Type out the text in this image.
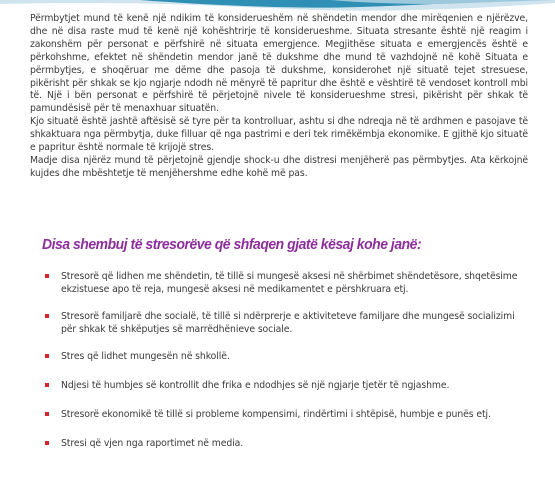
Përmbytjet mund të kenë një ndikim të konsiderueshëm në shëndetin mendor dhe mirëqenien e njërëzve, dhe në disa raste mud të kenë një kohështrirje të konsiderueshme. Situata stresante është një reagim i zakonshëm për personat e përfshirë në situata emergjence. Megjithëse situata e emergjencës është e përkohshme, efektet në shëndetin mendor janë të dukshme dhe mund të vazhdojnë në kohë Situata e përmbytjes, e shoqëruar me dëme dhe pasoja të dukshme, konsiderohet një situatë tejet stresuese, pikërisht për shkak se kjo ngjarje ndodh në mënyrë të papritur dhe është e vështirë të vendoset kontroll mbi të. Një i bën personat e përfshirë të përjetojnë nivele të konsiderueshme stresi, pikërisht për shkak të pamundësisë për të menaxhuar situatën.

Kjo situatë është jashtë aftësisë së tyre për ta kontrolluar, ashtu si dhe ndreqja në të ardhmen e pasojave të shkaktuara nga përmbytja, duke filluar që nga pastrimi e deri tek rimëkëmbja ekonomike. E gjithë kjo situatë e papritur është normale të krijojë stres.

Madje disa njërëz mund të përjetojnë gjendje shock-u dhe distresi menjëherë pas përmbytjes. Ata kërkojnë kujdes dhe mbështetje të menjëhershme edhe kohë më pas.

Disa shembuj të stresorëve që shfaqen gjatë kësaj kohe janë:
Stresorë që lidhen me shëndetin, të tillë si mungesë aksesi në shërbimet shëndetësore, shqetësime ekzistuese apo të reja, mungesë aksesi në medikamentet e përshkruara etj.
Stresorë familjarë dhe socialë, të tillë si ndërprerje e aktiviteteve familjare dhe mungesë socializimi për shkak të shkëputjes së marrëdhënieve sociale.
Stres që lidhet mungesën në shkollë.
Ndjesi të humbjes së kontrollit dhe frika e ndodhjes së një ngjarje tjetër të ngjashme.
Stresorë ekonomikë të tillë si probleme kompensimi, rindërtimi i shtëpisë, humbje e punës etj.
Stresi që vjen nga raportimet në media.
